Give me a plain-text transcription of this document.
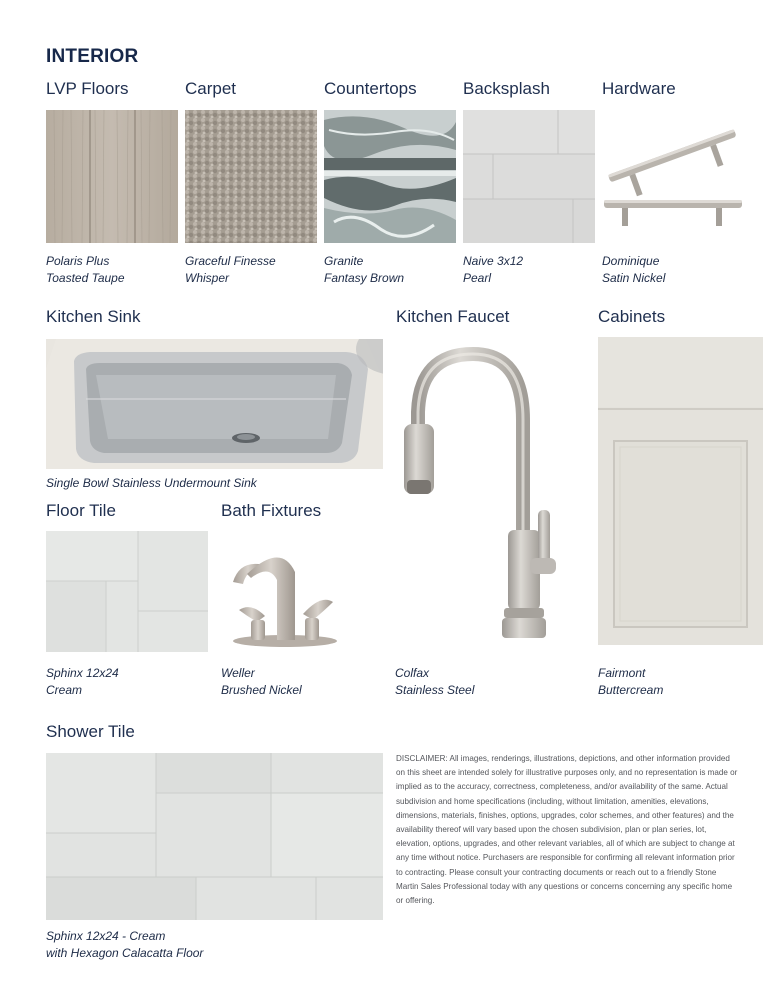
INTERIOR
LVP Floors	Carpet	Countertops	Backsplash	Hardware
Polaris Plus
Toasted Taupe
Graceful Finesse
Whisper
Granite
Fantasy Brown
Naive 3x12
Pearl
Dominique
Satin Nickel
Kitchen Sink	Kitchen Faucet	Cabinets
Single Bowl Stainless Undermount Sink
Floor Tile	Bath Fixtures
Sphinx 12x24
Cream
Weller
Brushed Nickel
Colfax
Stainless Steel
Fairmont
Buttercream
Shower Tile
Sphinx 12x24 - Cream
with Hexagon Calacatta Floor
DISCLAIMER: All images, renderings, illustrations, depictions, and other information provided on this sheet are intended solely for illustrative purposes only, and no representation is made or implied as to the accuracy, correctness, completeness, and/or availability of the same. Actual subdivision and home specifications (including, without limitation, amenities, elevations, dimensions, materials, finishes, options, upgrades, color schemes, and other features) and the availability thereof will vary based upon the chosen subdivision, plan or plan series, lot, elevation, options, upgrades, and other relevant variables, all of which are subject to change at any time without notice. Purchasers are responsible for confirming all relevant information prior to contracting. Please consult your contracting documents or reach out to a friendly Stone Martin Sales Professional today with any questions or concerns concerning any specific home or offering.
